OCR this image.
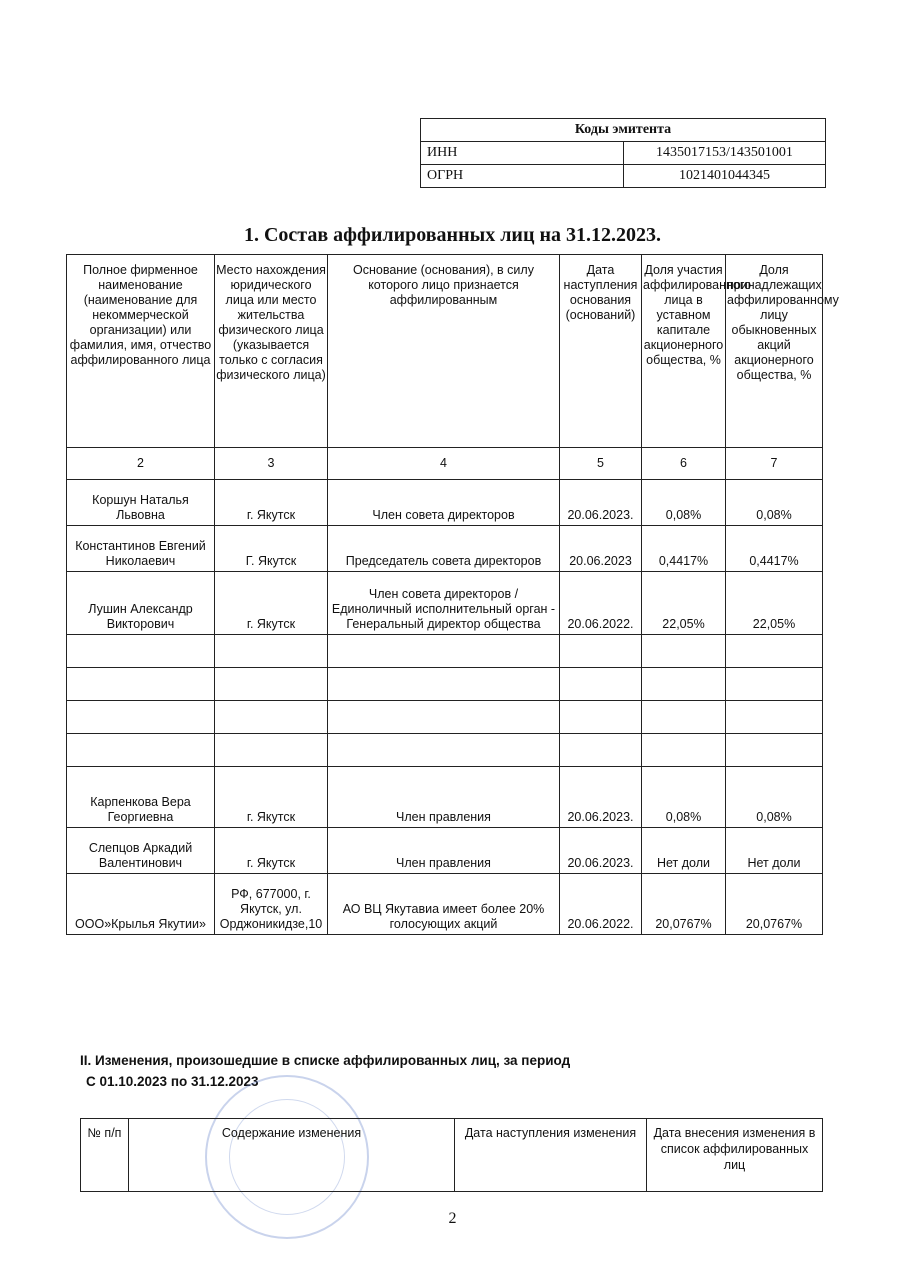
Коды эмитента	
ИНН	1435017153/143501001
ОГРН	1021401044345
1. Состав аффилированных лиц на 31.12.2023.
Полное фирменное наименование (наименование для некоммерческой организации) или фамилия, имя, отчество аффилированного лица	Место нахождения юридического лица или место жительства физического лица (указывается только с согласия физического лица)	Основание (основания), в силу которого лицо признается аффилированным	Дата наступления основания (оснований)	Доля участия аффилированного лица в уставном капитале акционерного общества, %	Доля принадлежащих аффилированному лицу обыкновенных акций акционерного общества, %
2	3	4	5	6	7
Коршун Наталья Львовна	г. Якутск	Член совета директоров	20.06.2023.	0,08%	0,08%
Константинов Евгений Николаевич	Г. Якутск	Председатель совета директоров	20.06.2023	0,4417%	0,4417%
Лушин Александр Викторович	г. Якутск	Член совета директоров / Единоличный исполнительный орган - Генеральный директор общества	20.06.2022.	22,05%	22,05%

Карпенкова Вера Георгиевна	г. Якутск	Член правления	20.06.2023.	0,08%	0,08%
Слепцов Аркадий Валентинович	г. Якутск	Член правления	20.06.2023.	Нет доли	Нет доли
ООО»Крылья Якутии»	РФ, 677000, г. Якутск, ул. Орджоникидзе,10	АО ВЦ Якутавиа имеет более 20% голосующих акций	20.06.2022.	20,0767%	20,0767%
II. Изменения, произошедшие в списке аффилированных лиц, за период
С 01.10.2023 по 31.12.2023
№ п/п	Содержание изменения	Дата наступления изменения	Дата внесения изменения в список аффилированных лиц
2
